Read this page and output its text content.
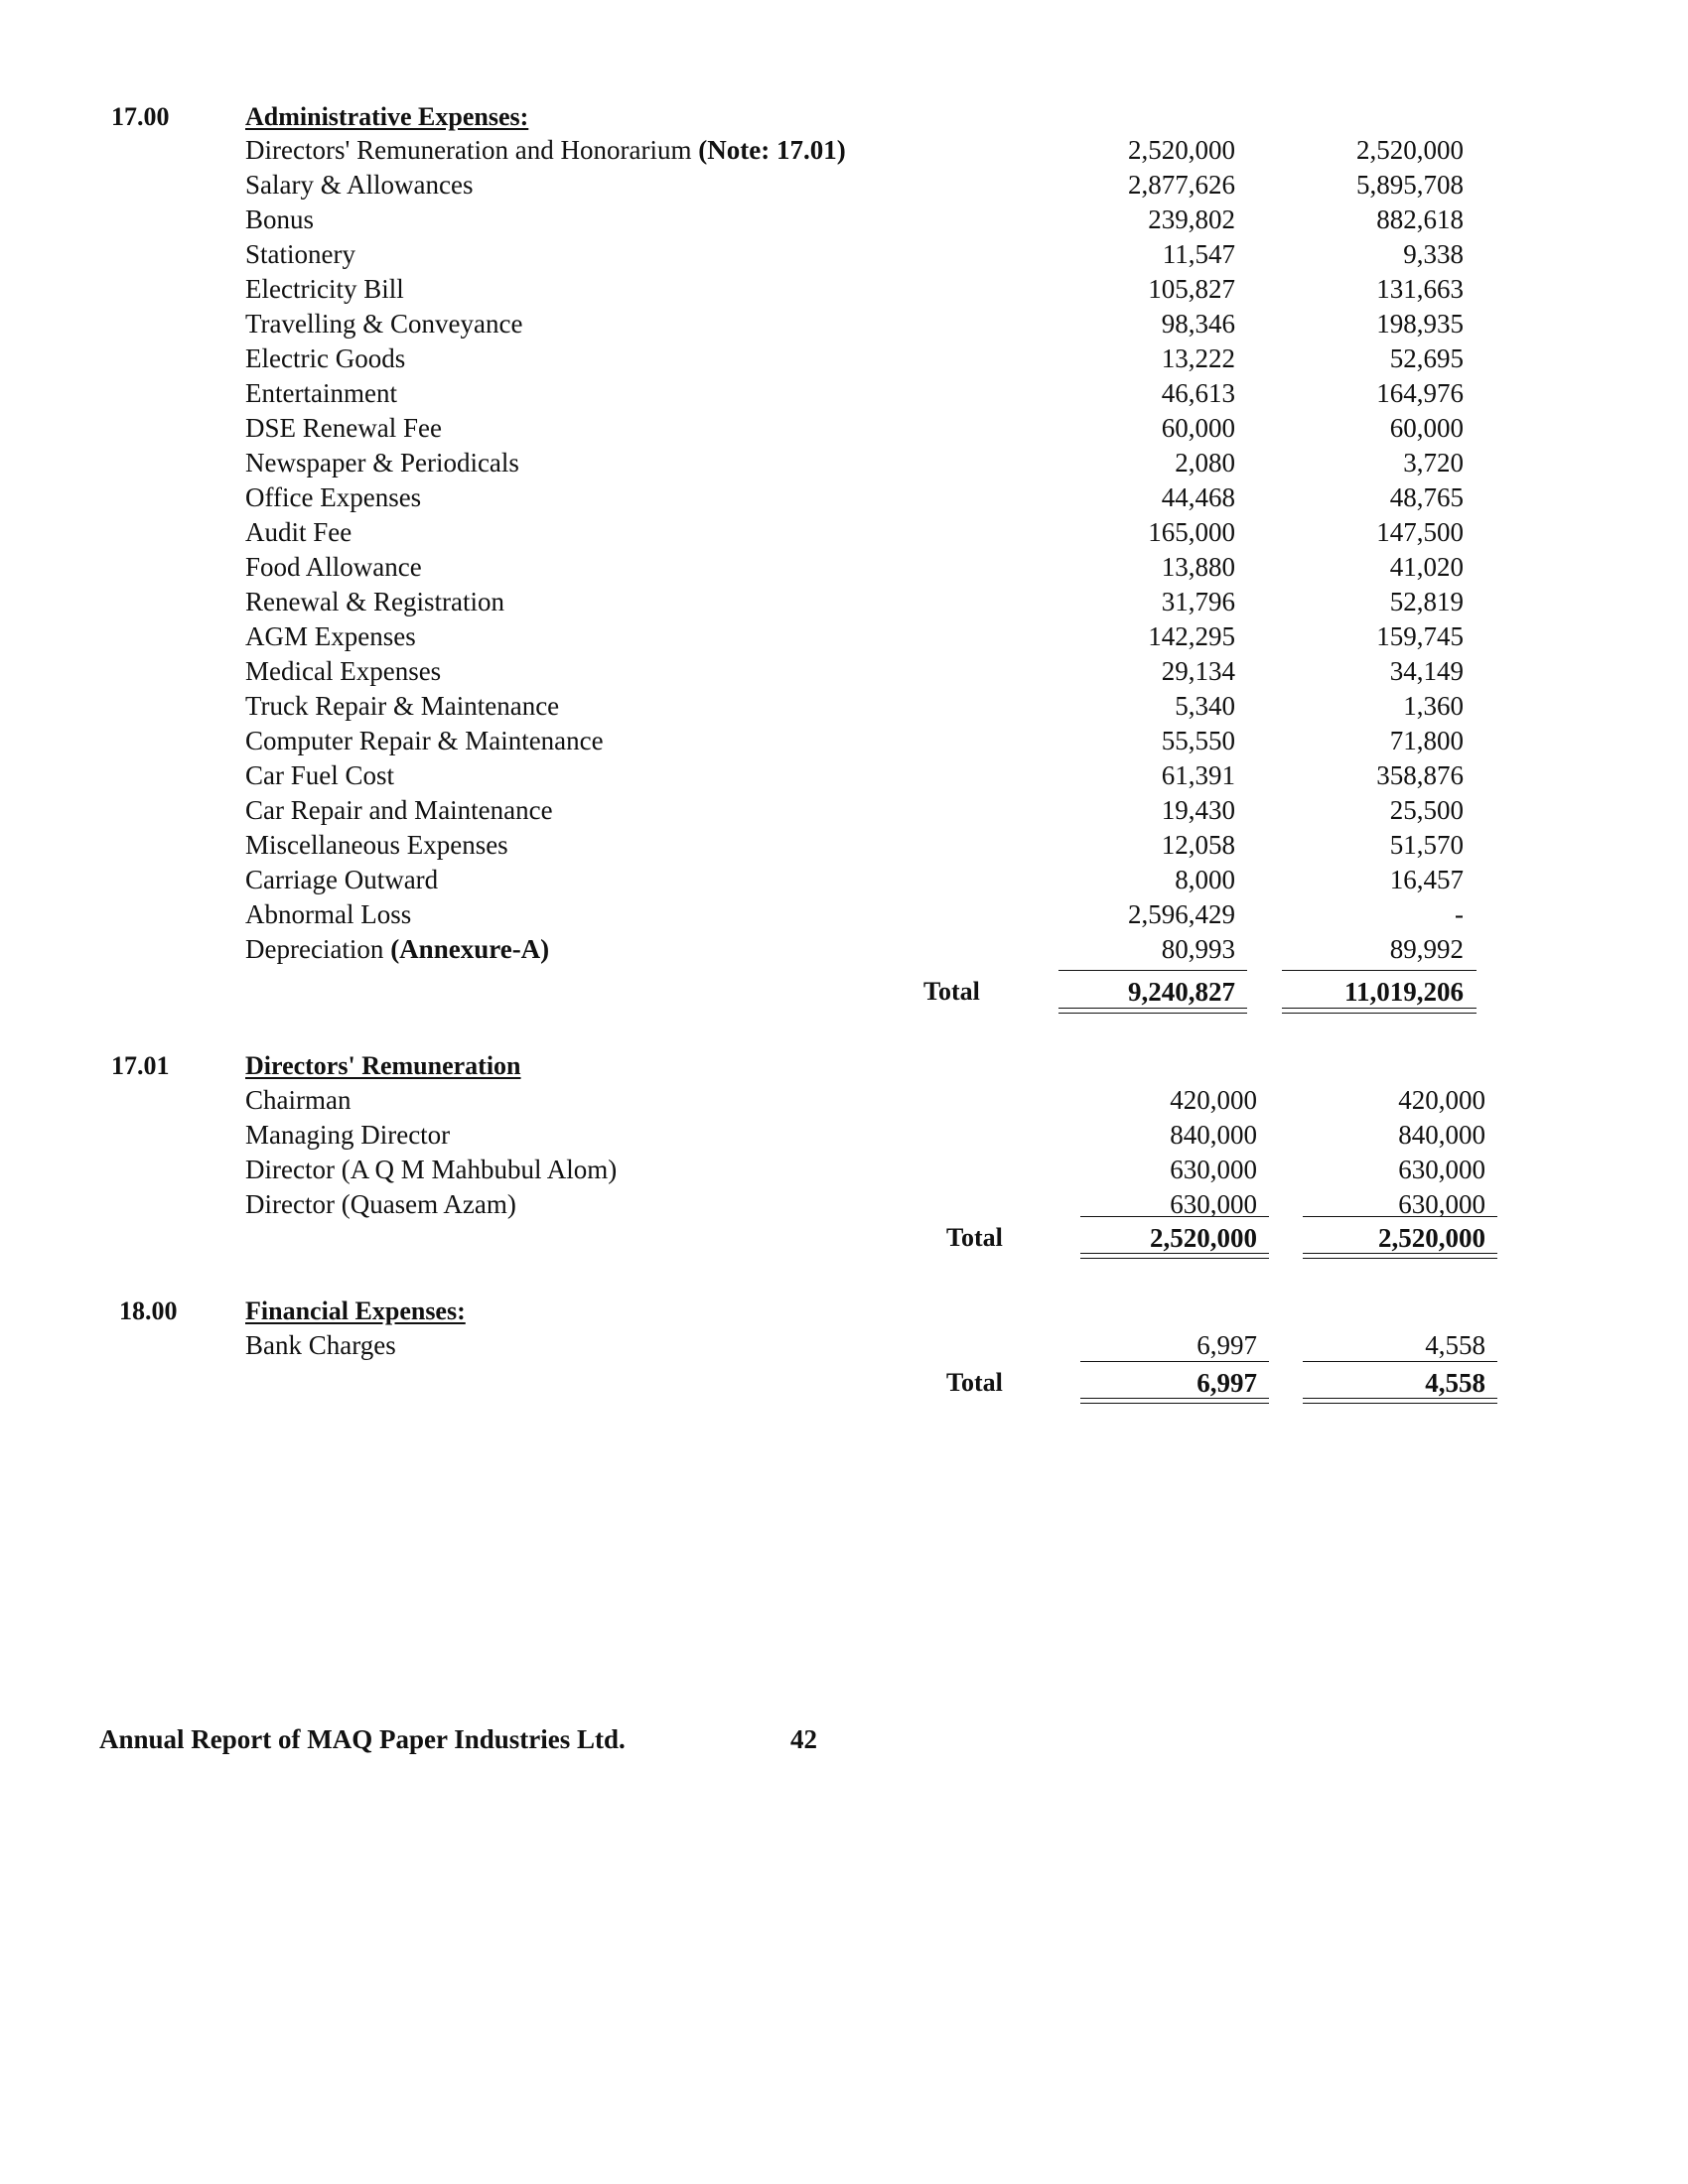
17.00	Administrative Expenses:
Directors' Remuneration and Honorarium (Note: 17.01)	2,520,000	2,520,000
Salary & Allowances	2,877,626	5,895,708
Bonus	239,802	882,618
Stationery	11,547	9,338
Electricity Bill	105,827	131,663
Travelling & Conveyance	98,346	198,935
Electric Goods	13,222	52,695
Entertainment	46,613	164,976
DSE Renewal Fee	60,000	60,000
Newspaper & Periodicals	2,080	3,720
Office Expenses	44,468	48,765
Audit Fee	165,000	147,500
Food Allowance	13,880	41,020
Renewal & Registration	31,796	52,819
AGM Expenses	142,295	159,745
Medical Expenses	29,134	34,149
Truck Repair & Maintenance	5,340	1,360
Computer Repair & Maintenance	55,550	71,800
Car Fuel Cost	61,391	358,876
Car Repair and Maintenance	19,430	25,500
Miscellaneous Expenses	12,058	51,570
Carriage Outward	8,000	16,457
Abnormal Loss	2,596,429	-
Depreciation (Annexure-A)	80,993	89,992
Total	9,240,827	11,019,206
17.01	Directors' Remuneration
Chairman	420,000	420,000
Managing Director	840,000	840,000
Director (A Q M Mahbubul Alom)	630,000	630,000
Director (Quasem Azam)	630,000	630,000
Total	2,520,000	2,520,000
18.00	Financial Expenses:
Bank Charges	6,997	4,558
Total	6,997	4,558
Annual Report of MAQ Paper Industries Ltd.	42
